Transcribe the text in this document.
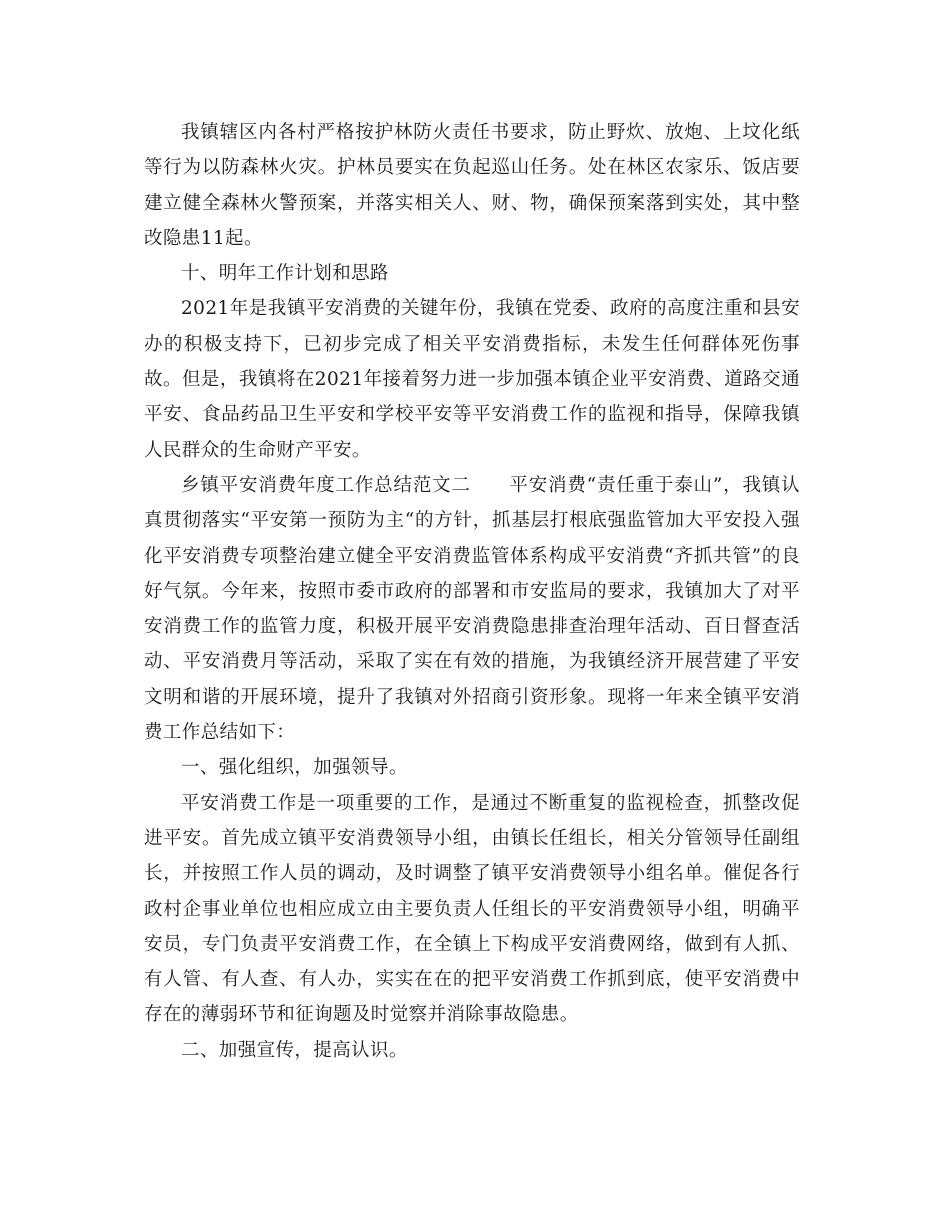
我镇辖区内各村严格按护林防火责任书要求，防止野炊、放炮、上坟化纸等行为以防森林火灾。护林员要实在负起巡山任务。处在林区农家乐、饭店要建立健全森林火警预案，并落实相关人、财、物，确保预案落到实处，其中整改隐患11起。

十、明年工作计划和思路

2021年是我镇平安消费的关键年份，我镇在党委、政府的高度注重和县安办的积极支持下，已初步完成了相关平安消费指标，未发生任何群体死伤事故。但是，我镇将在2021年接着努力进一步加强本镇企业平安消费、道路交通平安、食品药品卫生平安和学校平安等平安消费工作的监视和指导，保障我镇人民群众的生命财产平安。

乡镇平安消费年度工作总结范文二　　平安消费“责任重于泰山”，我镇认真贯彻落实“平安第一预防为主“的方针，抓基层打根底强监管加大平安投入强化平安消费专项整治建立健全平安消费监管体系构成平安消费“齐抓共管”的良好气氛。今年来，按照市委市政府的部署和市安监局的要求，我镇加大了对平安消费工作的监管力度，积极开展平安消费隐患排查治理年活动、百日督查活动、平安消费月等活动，采取了实在有效的措施，为我镇经济开展营建了平安文明和谐的开展环境，提升了我镇对外招商引资形象。现将一年来全镇平安消费工作总结如下：

一、强化组织，加强领导。

平安消费工作是一项重要的工作，是通过不断重复的监视检查，抓整改促进平安。首先成立镇平安消费领导小组，由镇长任组长，相关分管领导任副组长，并按照工作人员的调动，及时调整了镇平安消费领导小组名单。催促各行政村企事业单位也相应成立由主要负责人任组长的平安消费领导小组，明确平安员，专门负责平安消费工作，在全镇上下构成平安消费网络，做到有人抓、有人管、有人查、有人办，实实在在的把平安消费工作抓到底，使平安消费中存在的薄弱环节和征询题及时觉察并消除事故隐患。

二、加强宣传，提高认识。
